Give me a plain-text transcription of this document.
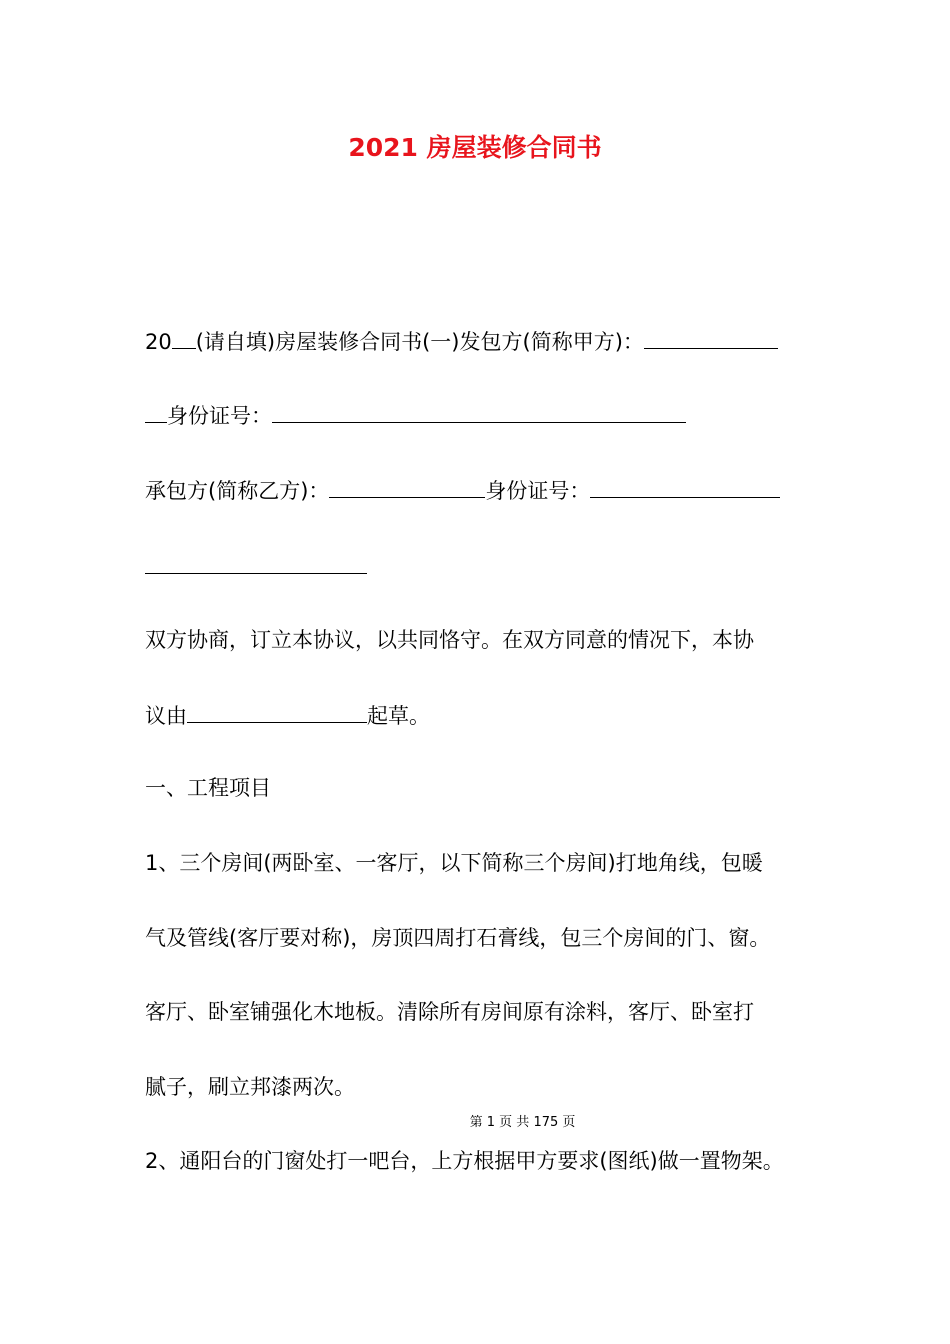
2021 房屋装修合同书
20 (请自填)房屋装修合同书(一)发包方(简称甲方)：
身份证号：
承包方(简称乙方)：	身份证号：
双方协商，订立本协议，以共同恪守。在双方同意的情况下，本协
议由	起草。
一、工程项目
1、三个房间(两卧室、一客厅，以下简称三个房间)打地角线，包暖
气及管线(客厅要对称)，房顶四周打石膏线，包三个房间的门、窗。
客厅、卧室铺强化木地板。清除所有房间原有涂料，客厅、卧室打
腻子，刷立邦漆两次。
第 1 页 共 175 页
2、通阳台的门窗处打一吧台，上方根据甲方要求(图纸)做一置物架。
